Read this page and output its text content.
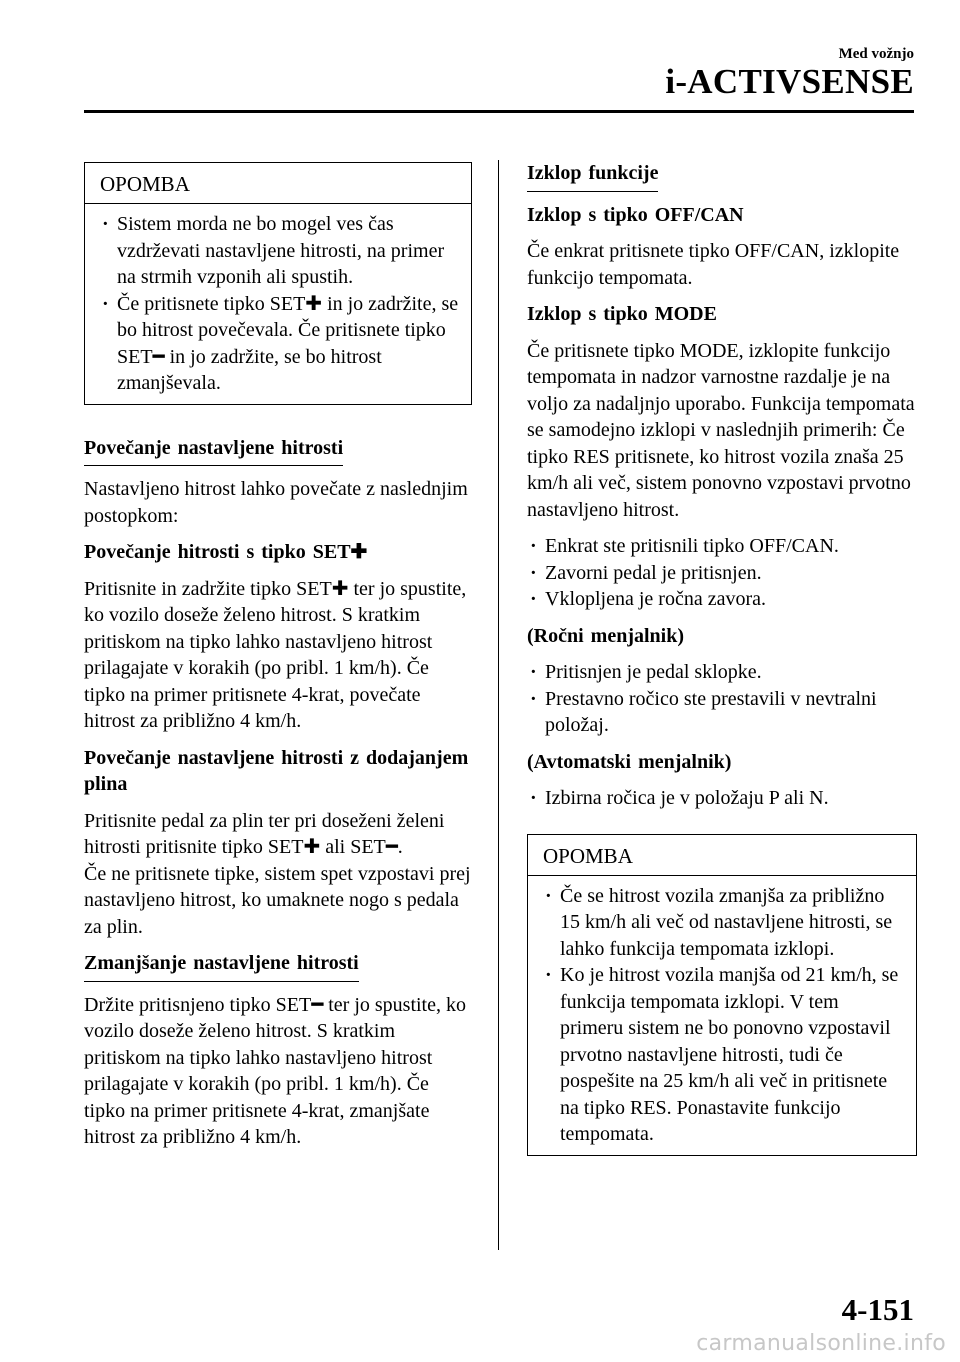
Med vožnjo
i-ACTIVSENSE
OPOMBA

· Sistem morda ne bo mogel ves čas vzdrževati nastavljene hitrosti, na primer na strmih vzponih ali spustih.

· Če pritisnete tipko SET✚ in jo zadržite, se bo hitrost povečevala. Če pritisnete tipko SET━ in jo zadržite, se bo hitrost zmanjševala.

Povečanje nastavljene hitrosti

Nastavljeno hitrost lahko povečate z naslednjim postopkom:

Povečanje hitrosti s tipko SET✚

Pritisnite in zadržite tipko SET✚ ter jo spustite, ko vozilo doseže želeno hitrost. S kratkim pritiskom na tipko lahko nastavljeno hitrost prilagajate v korakih (po pribl. 1 km/h). Če tipko na primer pritisnete 4-krat, povečate hitrost za približno 4 km/h.

Povečanje nastavljene hitrosti z dodajanjem plina

Pritisnite pedal za plin ter pri doseženi želeni hitrosti pritisnite tipko SET✚ ali SET━.

Če ne pritisnete tipke, sistem spet vzpostavi prej nastavljeno hitrost, ko umaknete nogo s pedala za plin.

Zmanjšanje nastavljene hitrosti

Držite pritisnjeno tipko SET━ ter jo spustite, ko vozilo doseže želeno hitrost. S kratkim pritiskom na tipko lahko nastavljeno hitrost prilagajate v korakih (po pribl. 1 km/h). Če tipko na primer pritisnete 4-krat, zmanjšate hitrost za približno 4 km/h.

Izklop funkcije

Izklop s tipko OFF/CAN

Če enkrat pritisnete tipko OFF/CAN, izklopite funkcijo tempomata.

Izklop s tipko MODE

Če pritisnete tipko MODE, izklopite funkcijo tempomata in nadzor varnostne razdalje je na voljo za nadaljnjo uporabo. Funkcija tempomata se samodejno izklopi v naslednjih primerih: Če tipko RES pritisnete, ko hitrost vozila znaša 25 km/h ali več, sistem ponovno vzpostavi prvotno nastavljeno hitrost.

· Enkrat ste pritisnili tipko OFF/CAN.

· Zavorni pedal je pritisnjen.

· Vklopljena je ročna zavora.

(Ročni menjalnik)

· Pritisnjen je pedal sklopke.

· Prestavno ročico ste prestavili v nevtralni položaj.

(Avtomatski menjalnik)

· Izbirna ročica je v položaju P ali N.

OPOMBA

· Če se hitrost vozila zmanjša za približno 15 km/h ali več od nastavljene hitrosti, se lahko funkcija tempomata izklopi.

· Ko je hitrost vozila manjša od 21 km/h, se funkcija tempomata izklopi. V tem primeru sistem ne bo ponovno vzpostavil prvotno nastavljene hitrosti, tudi če pospešite na 25 km/h ali več in pritisnete na tipko RES. Ponastavite funkcijo tempomata.

4-151
carmanualsonline.info
